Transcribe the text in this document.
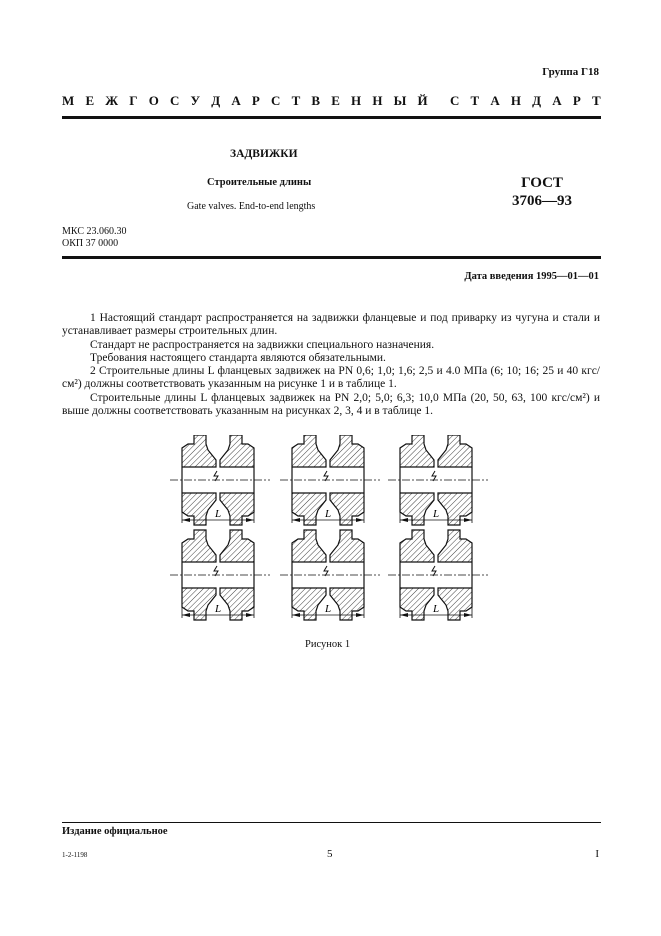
Группа Г18
М Е Ж Г О С У Д А Р С Т В Е Н Н Ы Й С Т А Н Д А Р Т
ЗАДВИЖКИ
Строительные длины
Gate valves. End-to-end lengths
ГОСТ
3706—93
МКС 23.060.30
ОКП 37 0000
Дата введения 1995—01—01

1 Настоящий стандарт распространяется на задвижки фланцевые и под приварку из чугуна и стали и устанавливает размеры строительных длин.

Стандарт не распространяется на задвижки специального назначения.

Требования настоящего стандарта являются обязательными.

2 Строительные длины L фланцевых задвижек на PN 0,6; 1,0; 1,6; 2,5 и 4.0 МПа (6; 10; 16; 25 и 40 кгс/см²) должны соответствовать указанным на рисунке 1 и в таблице 1.

Строительные длины L фланцевых задвижек на PN 2,0; 5,0; 6,3; 10,0 МПа (20, 50, 63, 100 кгс/см²) и выше должны соответствовать указанным на рисунках 2, 3, 4 и в таблице 1.

L	L	L
L	L	L
Рисунок 1
Издание официальное
1-2-1198	5	I
